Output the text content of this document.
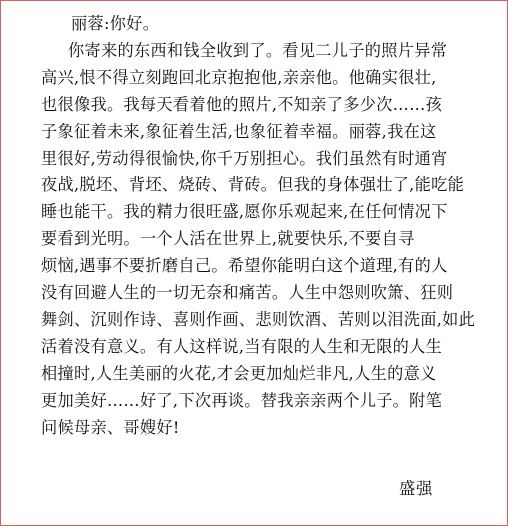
丽蓉:你好。

你寄来的东西和钱全收到了。看见二儿子的照片异常

高兴,恨不得立刻跑回北京抱抱他,亲亲他。他确实很壮,

也很像我。我每天看着他的照片,不知亲了多少次……孩

子象征着未来,象征着生活,也象征着幸福。丽蓉,我在这

里很好,劳动得很愉快,你千万别担心。我们虽然有时通宵

夜战,脱坯、背坯、烧砖、背砖。但我的身体强壮了,能吃能

睡也能干。我的精力很旺盛,愿你乐观起来,在任何情况下

要看到光明。一个人活在世界上,就要快乐,不要自寻

烦恼,遇事不要折磨自己。希望你能明白这个道理,有的人

没有回避人生的一切无奈和痛苦。人生中怨则吹箫、狂则

舞剑、沉则作诗、喜则作画、悲则饮酒、苦则以泪洗面,如此

活着没有意义。有人这样说,当有限的人生和无限的人生

相撞时,人生美丽的火花,才会更加灿烂非凡,人生的意义

更加美好……好了,下次再谈。替我亲亲两个儿子。附笔

问候母亲、哥嫂好!

盛强
